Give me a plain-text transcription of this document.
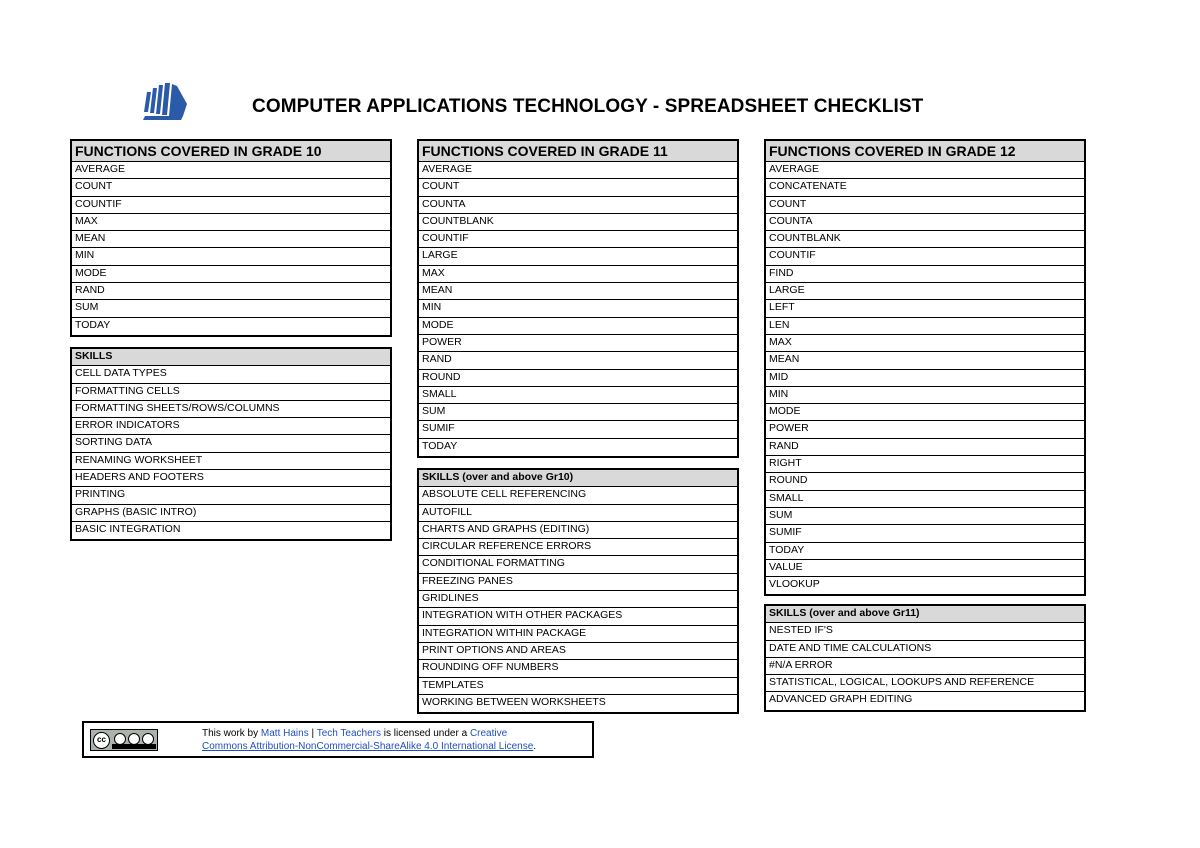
COMPUTER APPLICATIONS TECHNOLOGY - SPREADSHEET CHECKLIST
FUNCTIONS COVERED IN GRADE 10
AVERAGE
COUNT
COUNTIF
MAX
MEAN
MIN
MODE
RAND
SUM
TODAY
SKILLS
CELL DATA TYPES
FORMATTING CELLS
FORMATTING SHEETS/ROWS/COLUMNS
ERROR INDICATORS
SORTING DATA
RENAMING WORKSHEET
HEADERS AND FOOTERS
PRINTING
GRAPHS (BASIC INTRO)
BASIC INTEGRATION
FUNCTIONS COVERED IN GRADE 11
AVERAGE
COUNT
COUNTA
COUNTBLANK
COUNTIF
LARGE
MAX
MEAN
MIN
MODE
POWER
RAND
ROUND
SMALL
SUM
SUMIF
TODAY
SKILLS (over and above Gr10)
ABSOLUTE CELL REFERENCING
AUTOFILL
CHARTS AND GRAPHS (EDITING)
CIRCULAR REFERENCE ERRORS
CONDITIONAL FORMATTING
FREEZING PANES
GRIDLINES
INTEGRATION WITH OTHER PACKAGES
INTEGRATION WITHIN PACKAGE
PRINT OPTIONS AND AREAS
ROUNDING OFF NUMBERS
TEMPLATES
WORKING BETWEEN WORKSHEETS
FUNCTIONS COVERED IN GRADE 12
AVERAGE
CONCATENATE
COUNT
COUNTA
COUNTBLANK
COUNTIF
FIND
LARGE
LEFT
LEN
MAX
MEAN
MID
MIN
MODE
POWER
RAND
RIGHT
ROUND
SMALL
SUM
SUMIF
TODAY
VALUE
VLOOKUP
SKILLS (over and above Gr11)
NESTED IF'S
DATE AND TIME CALCULATIONS
#N/A ERROR
STATISTICAL, LOGICAL, LOOKUPS AND REFERENCE
ADVANCED GRAPH EDITING
cc
This work by Matt Hains | Tech Teachers is licensed under a Creative
Commons Attribution-NonCommercial-ShareAlike 4.0 International License.
